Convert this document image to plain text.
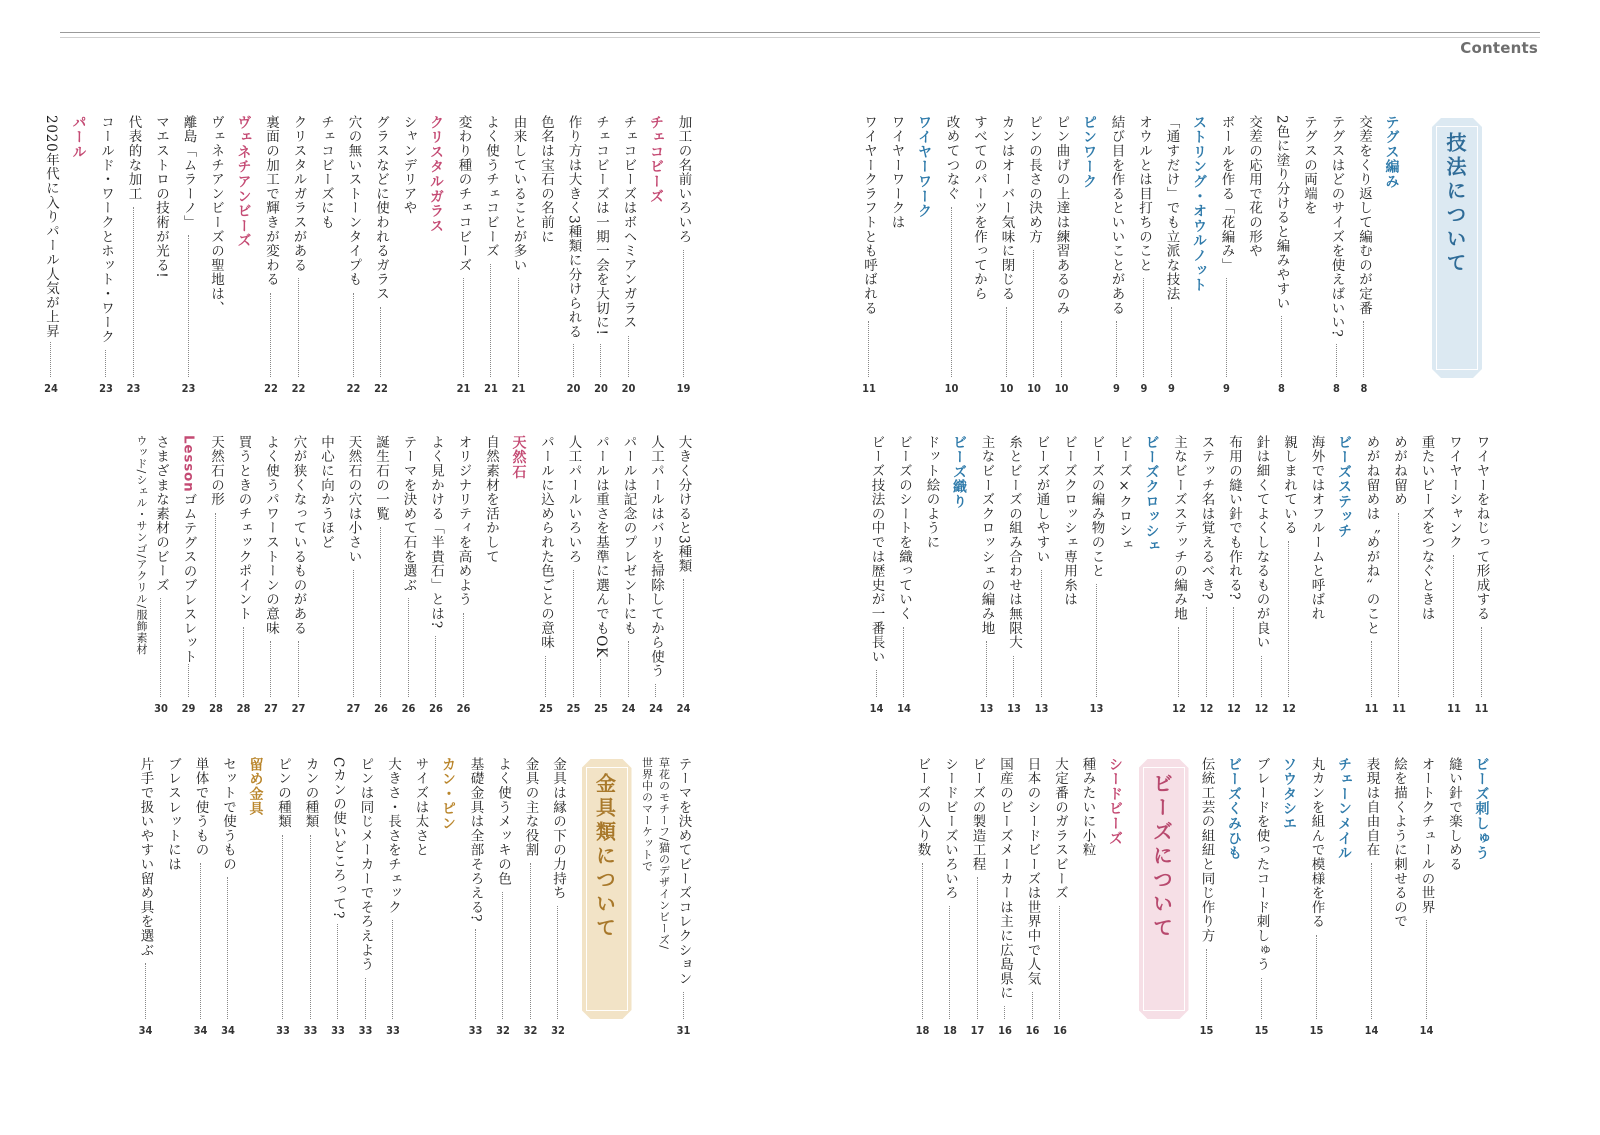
Contents
技法について
テグス編み
交差をくり返して編むのが定番
8
テグスはどのサイズを使えばいい?
8
テグスの両端を
2色に塗り分けると編みやすい
8
交差の応用で花の形や
ボールを作る「花編み」
9
ストリング・オウルノット
「通すだけ」でも立派な技法
9
オウルとは目打ちのこと
9
結び目を作るといいことがある
9
ピンワーク
ピン曲げの上達は練習あるのみ
10
ピンの長さの決め方
10
カンはオーバー気味に閉じる
10
すべてのパーツを作ってから
改めてつなぐ
10
ワイヤーワーク
ワイヤーワークは
ワイヤークラフトとも呼ばれる
11
加工の名前いろいろ
19
チェコビーズ
チェコビーズはボヘミアンガラス
20
チェコビーズは一期一会を大切に!
20
作り方は大きく3種類に分けられる
20
色名は宝石の名前に
由来していることが多い
21
よく使うチェコビーズ
21
変わり種のチェコビーズ
21
クリスタルガラス
シャンデリアや
グラスなどに使われるガラス
22
穴の無いストーンタイプも
22
チェコビーズにも
クリスタルガラスがある
22
裏面の加工で輝きが変わる
22
ヴェネチアンビーズ
ヴェネチアンビーズの聖地は、
離島「ムラーノ」
23
マエストロの技術が光る!
代表的な加工
23
コールド・ワークとホット・ワーク
23
パール
2020年代に入りパール人気が上昇
24
ワイヤーをねじって形成する
11
ワイヤーシャンク
11
重たいビーズをつなぐときは
めがね留め
11
めがね留めは〝めがね〟のこと
11
ビーズステッチ
海外ではオフルームと呼ばれ
親しまれている
12
針は細くてよくしなるものが良い
12
布用の縫い針でも作れる?
12
ステッチ名は覚えるべき?
12
主なビーズステッチの編み地
12
ビーズクロッシェ
ビーズ×クロシェ
ビーズの編み物のこと
13
ビーズクロッシェ専用糸は
ビーズが通しやすい
13
糸とビーズの組み合わせは無限大
13
主なビーズクロッシェの編み地
13
ビーズ織り
ドット絵のように
ビーズのシートを織っていく
14
ビーズ技法の中では歴史が一番長い
14
大きく分けると3種類
24
人工パールはバリを掃除してから使う
24
パールは記念のプレゼントにも
24
パールは重さを基準に選んでもOK
25
人工パールいろいろ
25
パールに込められた色ごとの意味
25
天然石
自然素材を活かして
オリジナリティを高めよう
26
よく見かける「半貴石」とは?
26
テーマを決めて石を選ぶ
26
誕生石の一覧
26
天然石の穴は小さい
27
中心に向かうほど
穴が狭くなっているものがある
27
よく使うパワーストーンの意味
27
買うときのチェックポイント
28
天然石の形
28
Lessonゴムテグスのブレスレット
29
さまざまな素材のビーズ
30
ウッド/シェル・サンゴ/アクリル/服飾素材
ビーズ刺しゅう
縫い針で楽しめる
オートクチュールの世界
14
絵を描くように刺せるので
表現は自由自在
14
チェーンメイル
丸カンを組んで模様を作る
15
ソウタシエ
ブレードを使ったコード刺しゅう
15
ビーズくみひも
伝統工芸の組紐と同じ作り方
15
ビーズについて
シードビーズ
種みたいに小粒
大定番のガラスビーズ
16
日本のシードビーズは世界中で人気
16
国産のビーズメーカーは主に広島県に
16
ビーズの製造工程
17
シードビーズいろいろ
18
ビーズの入り数
18
テーマを決めてビーズコレクション
31
草花のモチーフ/猫のデザインビーズ/
世界中のマーケットで
金具類について
金具は縁の下の力持ち
32
金具の主な役割
32
よく使うメッキの色
32
基礎金具は全部そろえる?
33
カン・ピン
サイズは太さと
大きさ・長さをチェック
33
ピンは同じメーカーでそろえよう
33
Cカンの使いどころって?
33
カンの種類
33
ピンの種類
33
留め金具
セットで使うもの
34
単体で使うもの
34
ブレスレットには
片手で扱いやすい留め具を選ぶ
34
